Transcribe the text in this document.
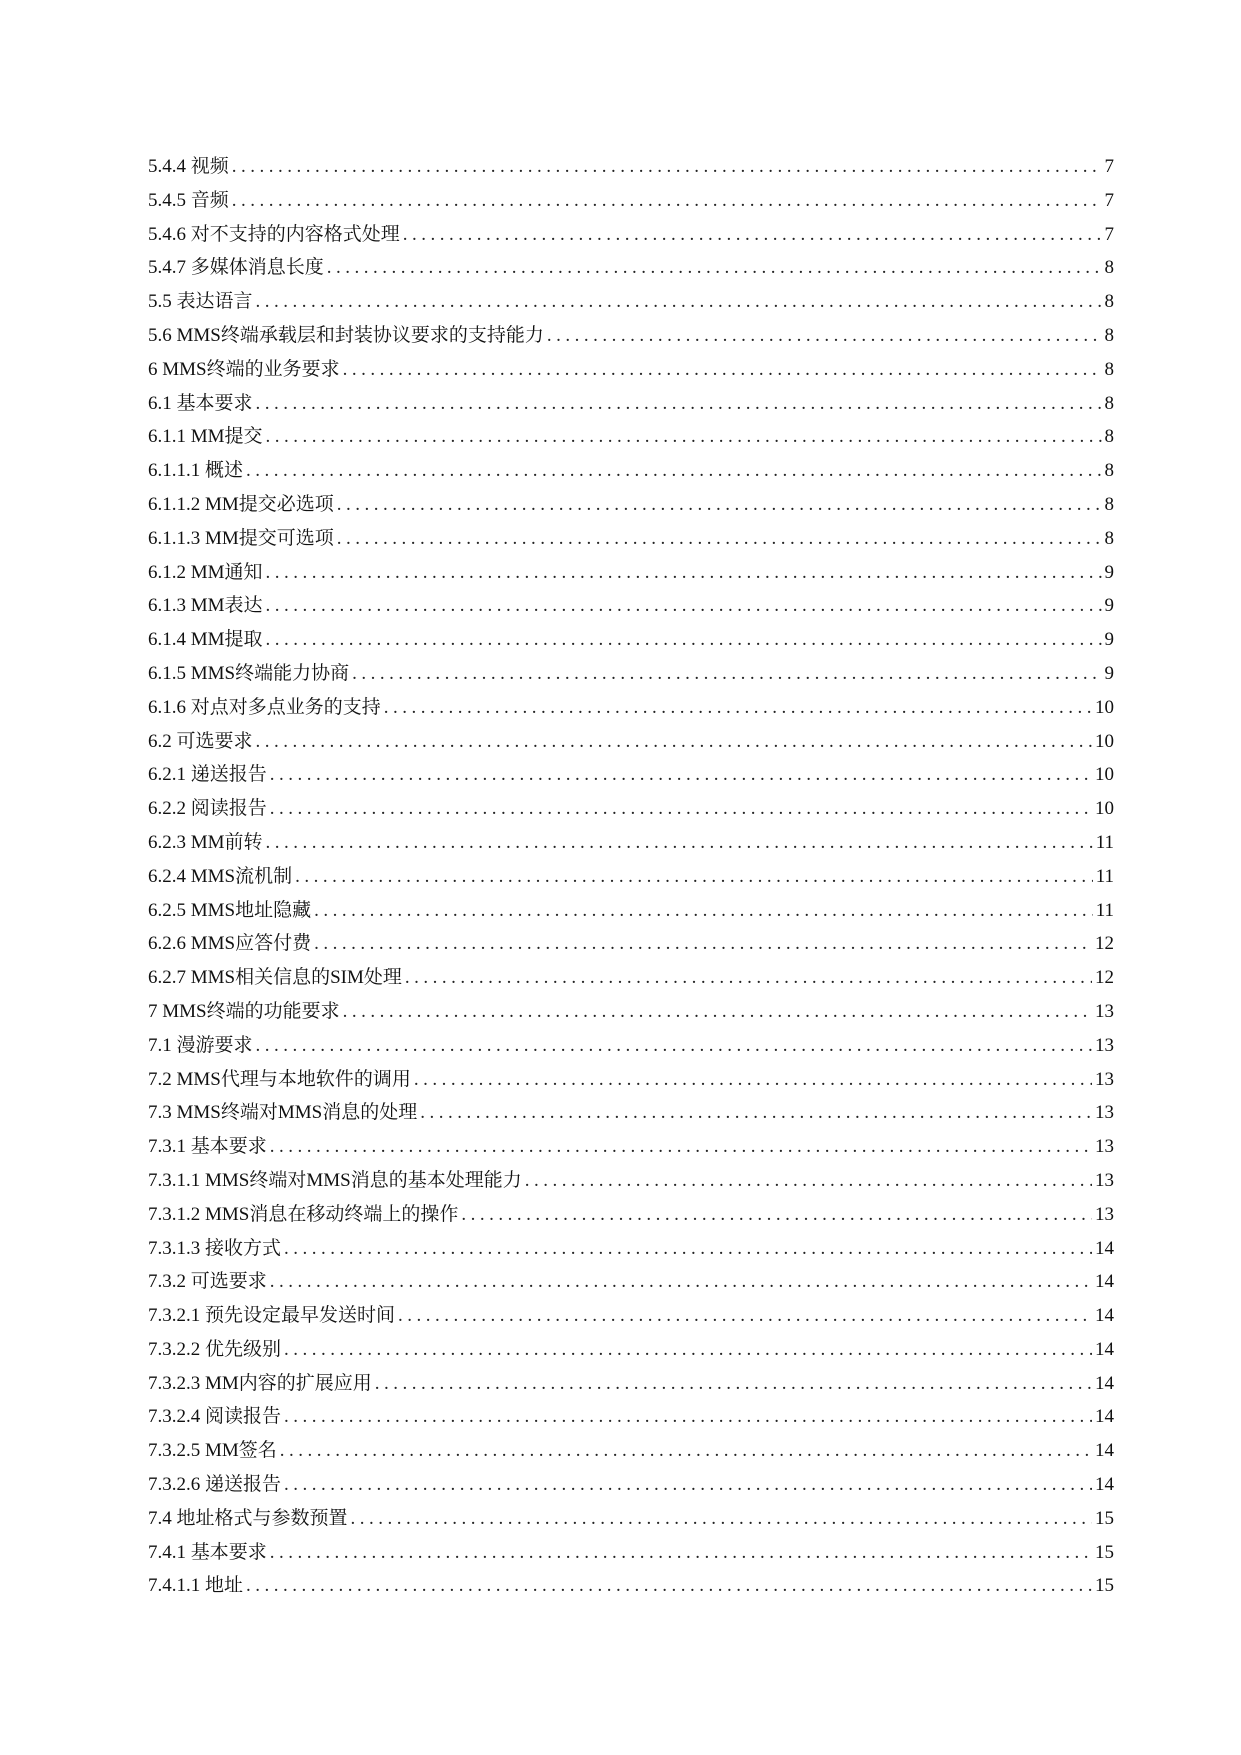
5.4.4 视频 .....	7
5.4.5 音频 .....	7
5.4.6 对不支持的内容格式处理 .....	7
5.4.7 多媒体消息长度 .....	8
5.5 表达语言 .....	8
5.6 MMS终端承载层和封装协议要求的支持能力 .....	8
6 MMS终端的业务要求 .....	8
6.1 基本要求 .....	8
6.1.1 MM提交 .....	8
6.1.1.1 概述 .....	8
6.1.1.2 MM提交必选项 .....	8
6.1.1.3 MM提交可选项 .....	8
6.1.2 MM通知 .....	9
6.1.3 MM表达 .....	9
6.1.4 MM提取 .....	9
6.1.5 MMS终端能力协商 .....	9
6.1.6 对点对多点业务的支持 .....	10
6.2 可选要求 .....	10
6.2.1 递送报告 .....	10
6.2.2 阅读报告 .....	10
6.2.3 MM前转 .....	11
6.2.4 MMS流机制 .....	11
6.2.5 MMS地址隐藏 .....	11
6.2.6 MMS应答付费 .....	12
6.2.7 MMS相关信息的SIM处理 .....	12
7 MMS终端的功能要求 .....	13
7.1 漫游要求 .....	13
7.2 MMS代理与本地软件的调用 .....	13
7.3 MMS终端对MMS消息的处理 .....	13
7.3.1 基本要求 .....	13
7.3.1.1 MMS终端对MMS消息的基本处理能力 .....	13
7.3.1.2 MMS消息在移动终端上的操作 .....	13
7.3.1.3 接收方式 .....	14
7.3.2 可选要求 .....	14
7.3.2.1 预先设定最早发送时间 .....	14
7.3.2.2 优先级别 .....	14
7.3.2.3 MM内容的扩展应用 .....	14
7.3.2.4 阅读报告 .....	14
7.3.2.5 MM签名 .....	14
7.3.2.6 递送报告 .....	14
7.4 地址格式与参数预置 .....	15
7.4.1 基本要求 .....	15
7.4.1.1 地址 .....	15
